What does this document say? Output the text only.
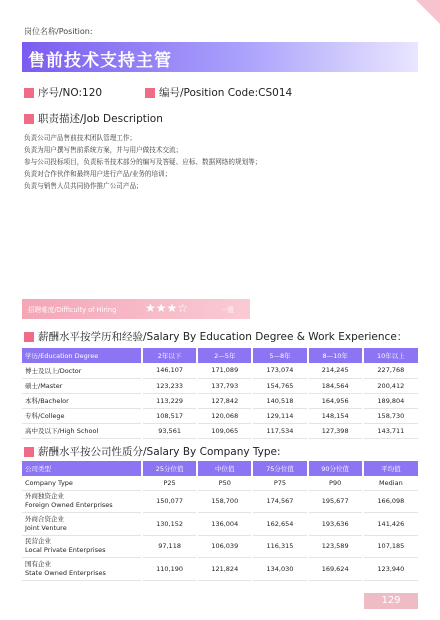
岗位名称/Position:
售前技术支持主管
序号/NO:120	编号/Position Code:CS014
职责描述/Job Description
负责公司产品售前技术团队管理工作；
负责为用户撰写售前系统方案，并与用户做技术交流；
参与公司投标项目，负责标书技术部分的编写及答疑、应标、数据网络的规划等；
负责对合作伙伴和最终用户进行产品/业务的培训；
负责与销售人员共同协作推广公司产品；
招聘难度/Difficulty of Hiring ★★★☆	一般
薪酬水平按学历和经验/Salary By Education Degree & Work Experience：
学历/Education Degree	2年以下	2—5年	5—8年	8—10年	10年以上
博士及以上/Doctor	146,107	171,089	173,074	214,245	227,768
硕士/Master	123,233	137,793	154,765	184,564	200,412
本科/Bachelor	113,229	127,842	140,518	164,956	189,804
专科/College	108,517	120,068	129,114	148,154	158,730
高中及以下/High School	93,561	109,065	117,534	127,398	143,711
薪酬水平按公司性质分/Salary By Company Type:
公司类型	25分位值	中位值	75分位值	90分位值	平均值
Company Type	P25	P50	P75	P90	Median

外商独资企业
Foreign Owned Enterprises	150,077	158,700	174,567	195,677	166,098

外商合资企业
Joint Venture	130,152	136,004	162,654	193,636	141,426

民营企业
Local Private Enterprises	97,118	106,039	116,315	123,589	107,185

国有企业
State Owned Enterprises	110,190	121,824	134,030	169,624	123,940
129
